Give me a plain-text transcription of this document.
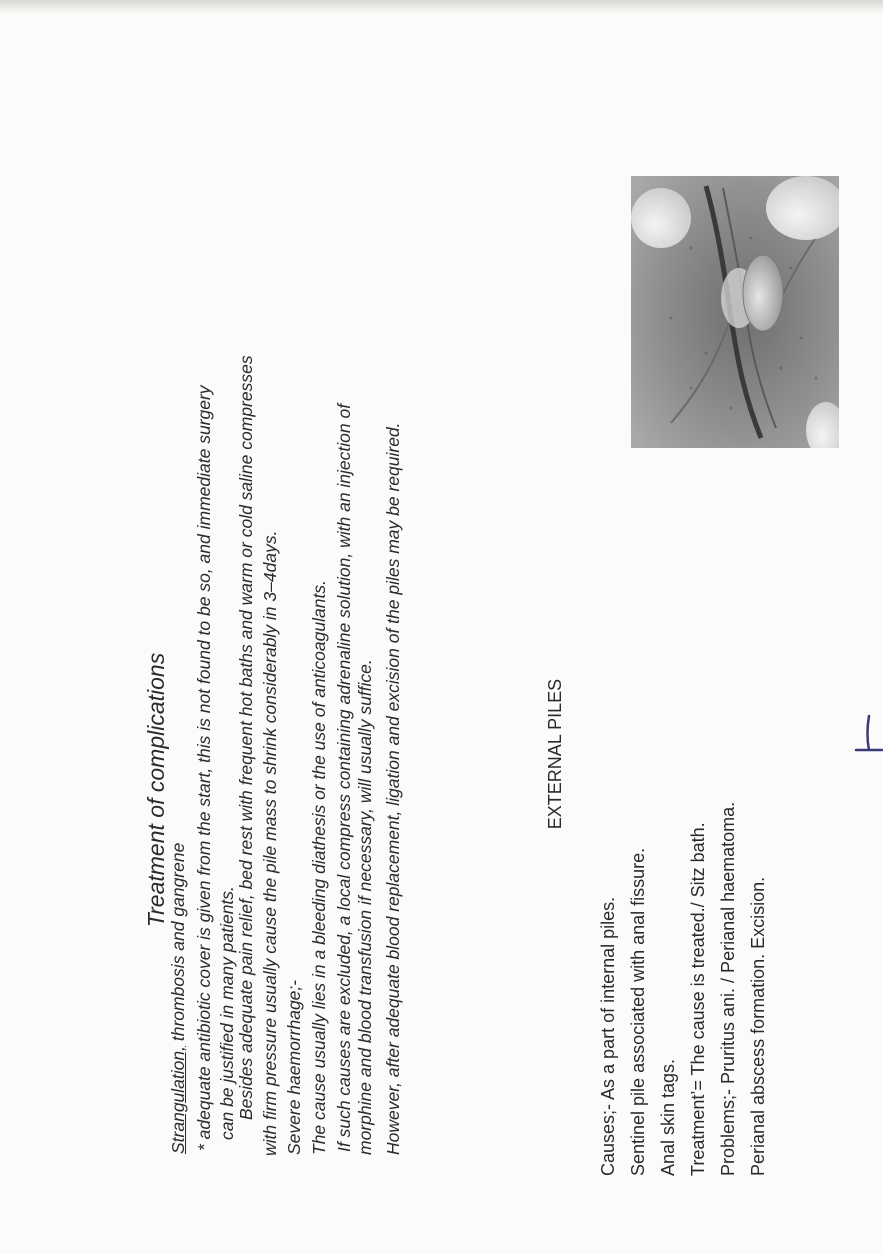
Treatment of complications
Strangulation, thrombosis and gangrene * adequate antibiotic cover is given from the start, this is not found to be so, and immediate surgery can be justified in many patients. Besides adequate pain relief, bed rest with frequent hot baths and warm or cold saline compresses with firm pressure usually cause the pile mass to shrink considerably in 3–4days. Severe haemorrhage;- The cause usually lies in a bleeding diathesis or the use of anticoagulants. If such causes are excluded, a local compress containing adrenaline solution, with an injection of morphine and blood transfusion if necessary, will usually suffice. However, after adequate blood replacement, ligation and excision of the piles may be required.	EXTERNAL PILES
Causes;- As a part of internal piles. Sentinel pile associated with anal fissure. Anal skin tags. Treatment’= The cause is treated./ Sitz bath. Problems;- Pruritus ani. / Perianal haematoma. Perianal abscess formation. Excision.
